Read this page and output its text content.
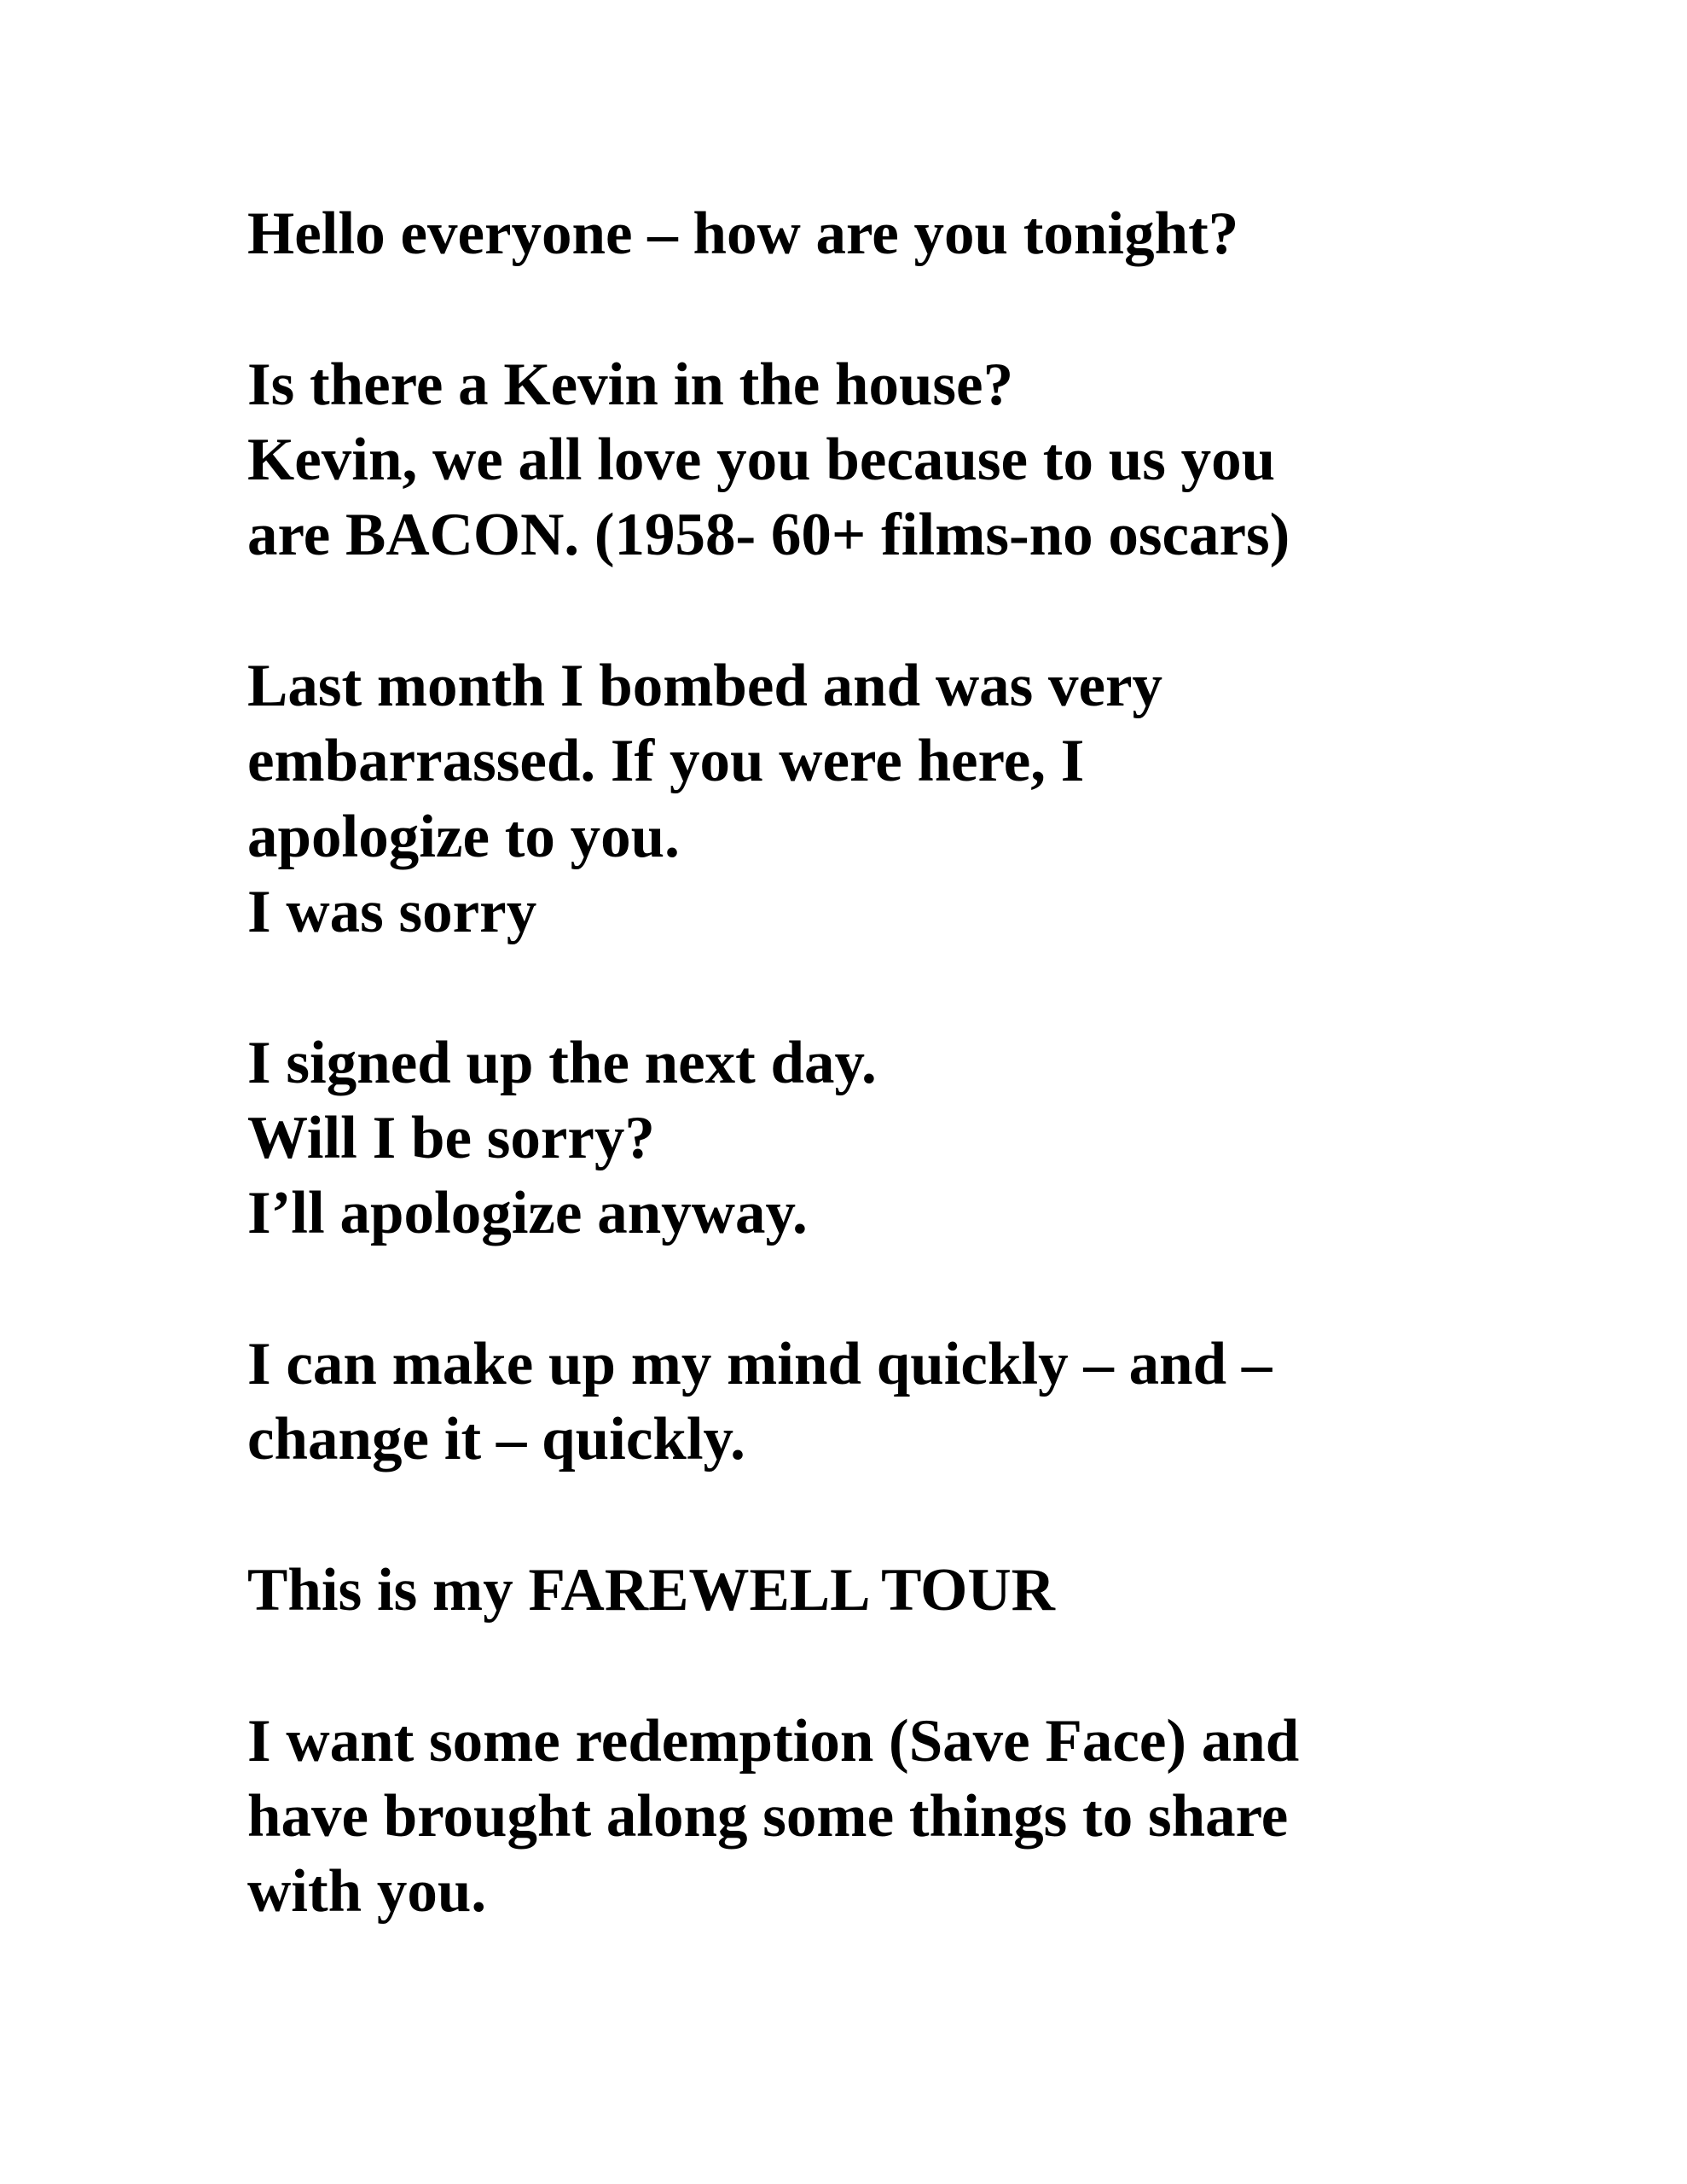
Hello everyone – how are you tonight?

Is there a Kevin in the house?

Kevin, we all love you because to us you

are BACON. (1958- 60+ films-no oscars)

Last month I bombed and was very

embarrassed. If you were here, I

apologize to you.

I was sorry

I signed up the next day.

Will I be sorry?

I’ll apologize anyway.

I can make up my mind quickly – and –

change it – quickly.

This is my FAREWELL TOUR

I want some redemption (Save Face) and

have brought along some things to share

with you.
